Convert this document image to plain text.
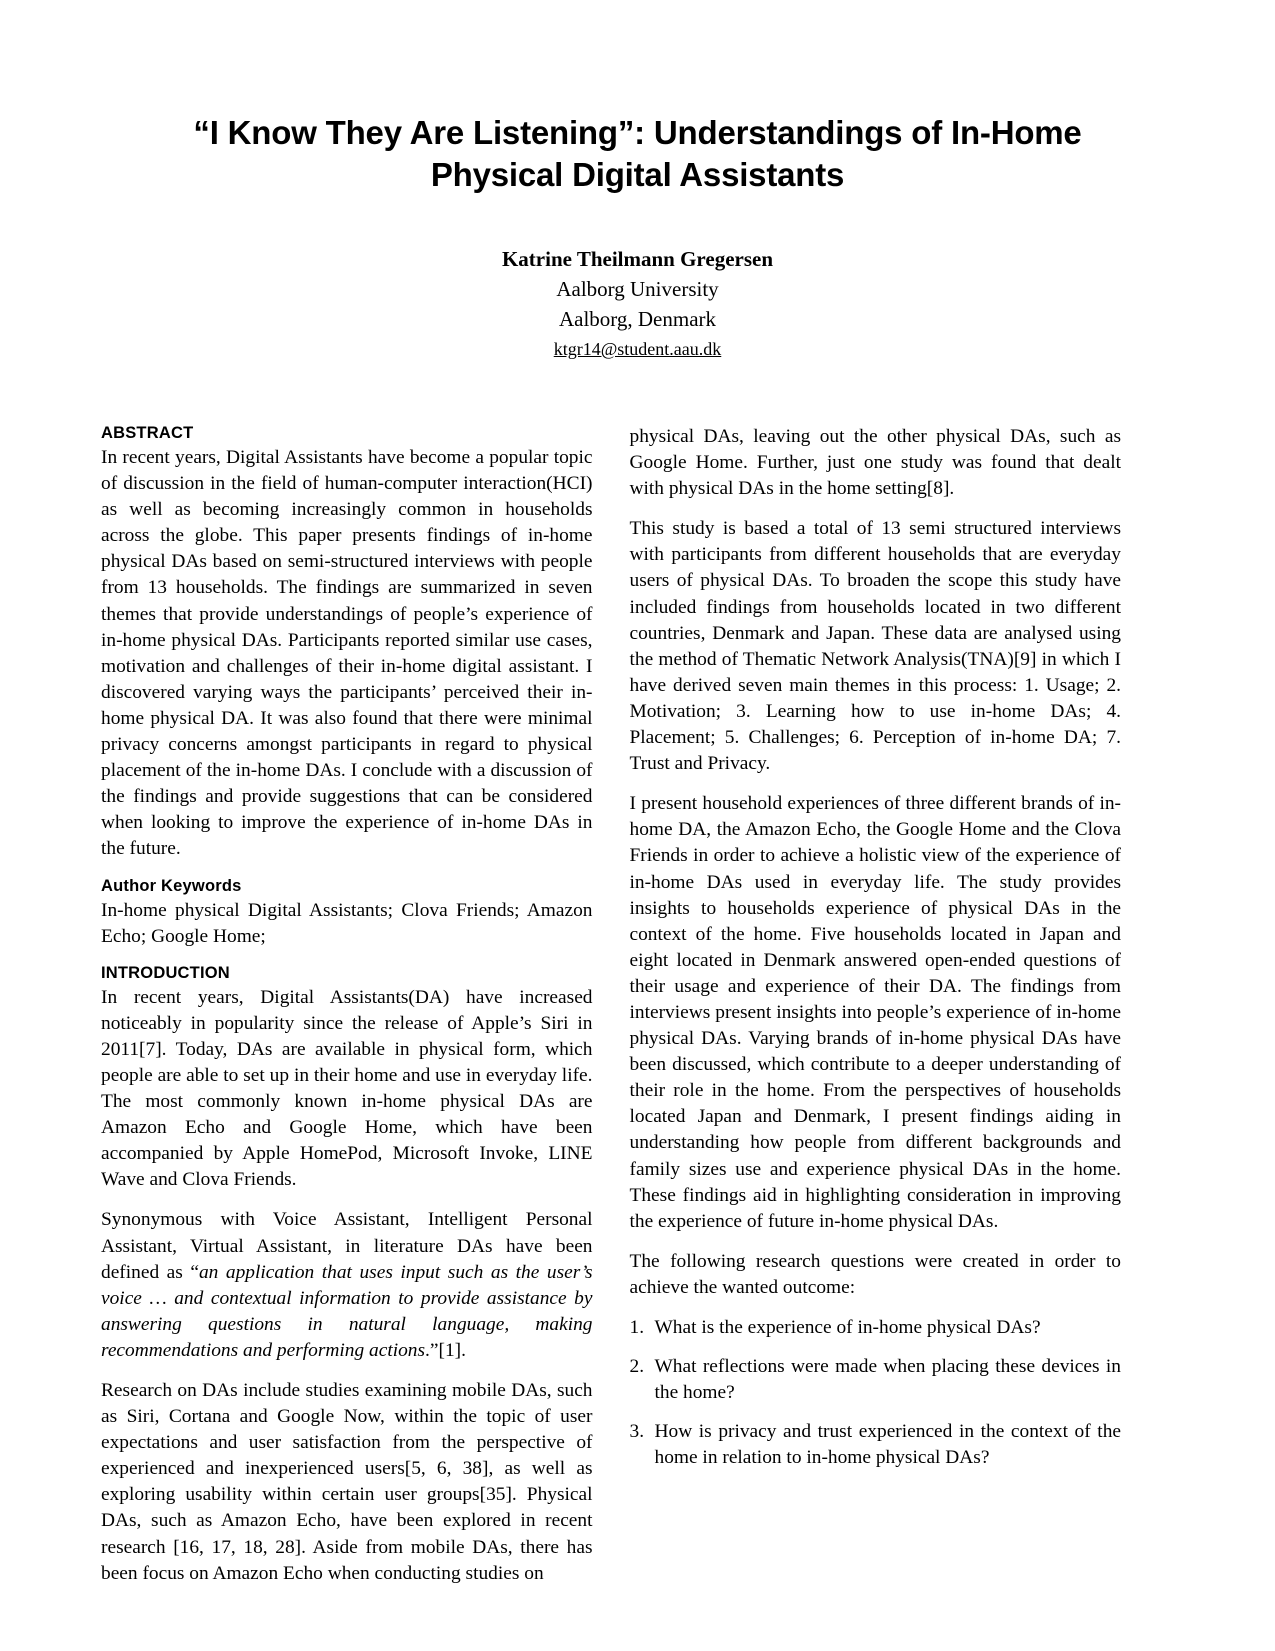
“I Know They Are Listening”: Understandings of In-Home Physical Digital Assistants

Katrine Theilmann Gregersen

Aalborg University

Aalborg, Denmark

ktgr14@student.aau.dk

ABSTRACT

In recent years, Digital Assistants have become a popular topic of discussion in the field of human-computer interaction(HCI) as well as becoming increasingly common in households across the globe. This paper presents findings of in-home physical DAs based on semi-structured interviews with people from 13 households. The findings are summarized in seven themes that provide understandings of people’s experience of in-home physical DAs. Participants reported similar use cases, motivation and challenges of their in-home digital assistant. I discovered varying ways the participants’ perceived their in-home physical DA. It was also found that there were minimal privacy concerns amongst participants in regard to physical placement of the in-home DAs. I conclude with a discussion of the findings and provide suggestions that can be considered when looking to improve the experience of in-home DAs in the future.

Author Keywords

In-home physical Digital Assistants; Clova Friends; Amazon Echo; Google Home;

INTRODUCTION

In recent years, Digital Assistants(DA) have increased noticeably in popularity since the release of Apple’s Siri in 2011[7]. Today, DAs are available in physical form, which people are able to set up in their home and use in everyday life. The most commonly known in-home physical DAs are Amazon Echo and Google Home, which have been accompanied by Apple HomePod, Microsoft Invoke, LINE Wave and Clova Friends.

Synonymous with Voice Assistant, Intelligent Personal Assistant, Virtual Assistant, in literature DAs have been defined as “an application that uses input such as the user’s voice … and contextual information to provide assistance by answering questions in natural language, making recommendations and performing actions.”[1].

Research on DAs include studies examining mobile DAs, such as Siri, Cortana and Google Now, within the topic of user expectations and user satisfaction from the perspective of experienced and inexperienced users[5, 6, 38], as well as exploring usability within certain user groups[35]. Physical DAs, such as Amazon Echo, have been explored in recent research [16, 17, 18, 28]. Aside from mobile DAs, there has been focus on Amazon Echo when conducting studies on

physical DAs, leaving out the other physical DAs, such as Google Home. Further, just one study was found that dealt with physical DAs in the home setting[8].

This study is based a total of 13 semi structured interviews with participants from different households that are everyday users of physical DAs. To broaden the scope this study have included findings from households located in two different countries, Denmark and Japan. These data are analysed using the method of Thematic Network Analysis(TNA)[9] in which I have derived seven main themes in this process: 1. Usage; 2. Motivation; 3. Learning how to use in-home DAs; 4. Placement; 5. Challenges; 6. Perception of in-home DA; 7. Trust and Privacy.

I present household experiences of three different brands of in-home DA, the Amazon Echo, the Google Home and the Clova Friends in order to achieve a holistic view of the experience of in-home DAs used in everyday life. The study provides insights to households experience of physical DAs in the context of the home. Five households located in Japan and eight located in Denmark answered open-ended questions of their usage and experience of their DA. The findings from interviews present insights into people’s experience of in-home physical DAs. Varying brands of in-home physical DAs have been discussed, which contribute to a deeper understanding of their role in the home. From the perspectives of households located Japan and Denmark, I present findings aiding in understanding how people from different backgrounds and family sizes use and experience physical DAs in the home. These findings aid in highlighting consideration in improving the experience of future in-home physical DAs.

The following research questions were created in order to achieve the wanted outcome:

1. What is the experience of in-home physical DAs?
2. What reflections were made when placing these devices in the home?
3. How is privacy and trust experienced in the context of the home in relation to in-home physical DAs?
